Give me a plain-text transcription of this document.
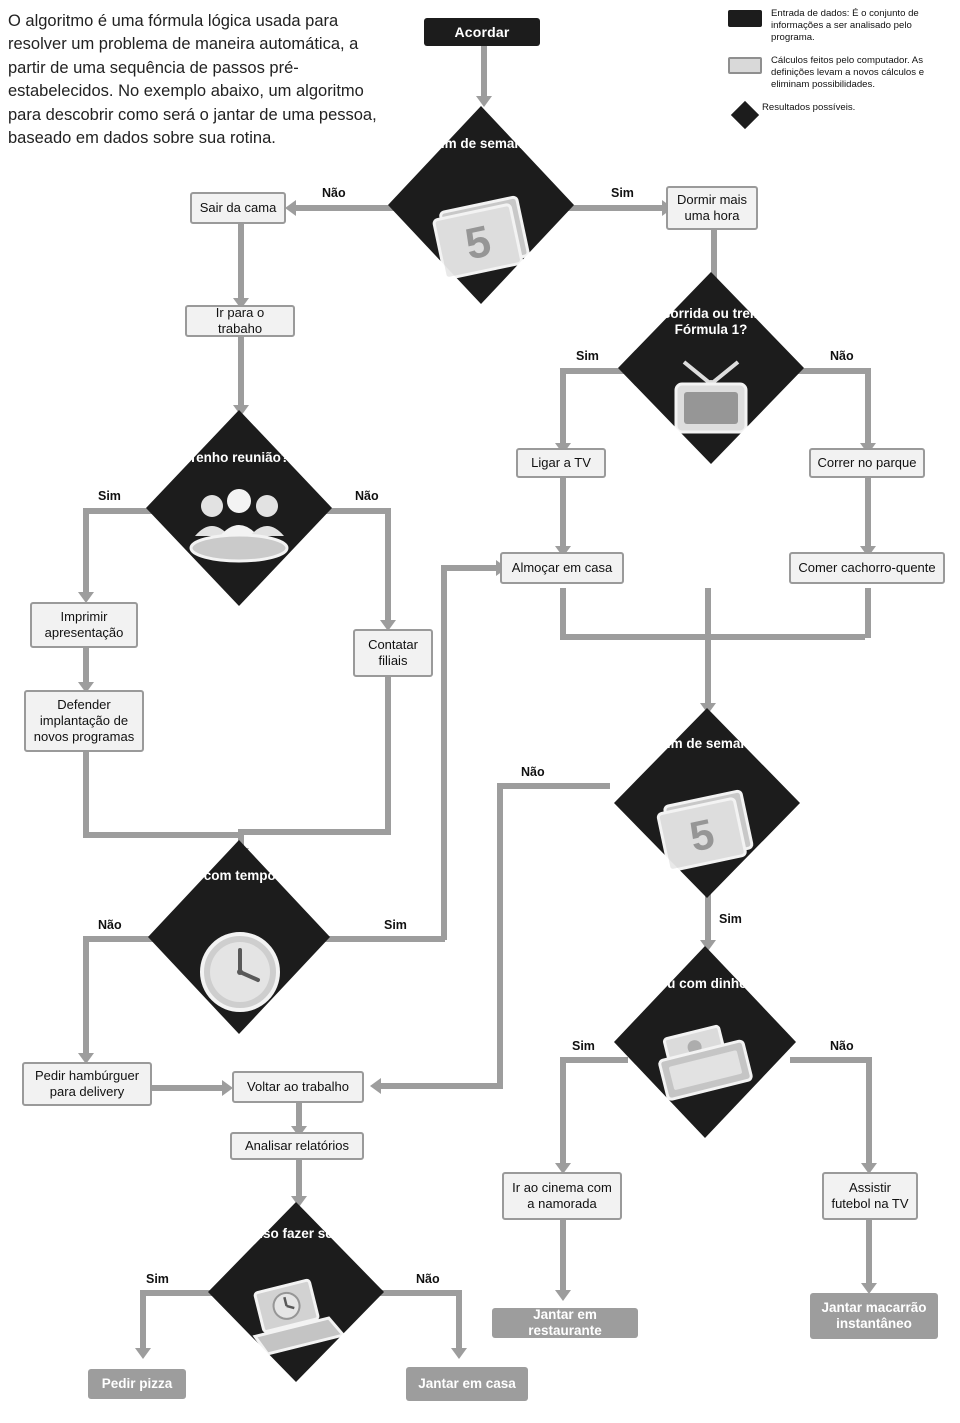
O algoritmo é uma fórmula lógica usada para resolver um problema de maneira automática, a partir de uma sequência de passos pré-estabelecidos. No exemplo abaixo, um algoritmo para descobrir como será o jantar de uma pessoa, baseado em dados sobre sua rotina.
Entrada de dados: É o conjunto de informações a ser analisado pelo programa.
Cálculos feitos pelo computador. As definições levam a novos cálculos e eliminam possibilidades.
Resultados possíveis.
Não	Sim
Sim	Não
Sim	Não
Não
Não	Sim	Sim
Sim	Não
Sim	Não
Acordar
5
É fim de semana?
Sair da cama
Dormir mais uma hora
Ir para o trabaho
Tem corrida ou treino de Fórmula 1?
Ligar a TV	Correr no parque
Tenho reunião?
Almoçar em casa	Comer cachorro-quente
Imprimir apresentação
Contatar filiais
Defender implantação de novos programas
5
É fim de semana?
Estou com tempo livre?
Estou com dinheiro?
Pedir hambúrguer para delivery	Voltar ao trabalho
Analisar relatórios
Ir ao cinema com a namorada
Assistir futebol na TV
Preciso fazer serão?
Jantar em restaurante
Jantar macarrão instantâneo
Pedir pizza	Jantar em casa
